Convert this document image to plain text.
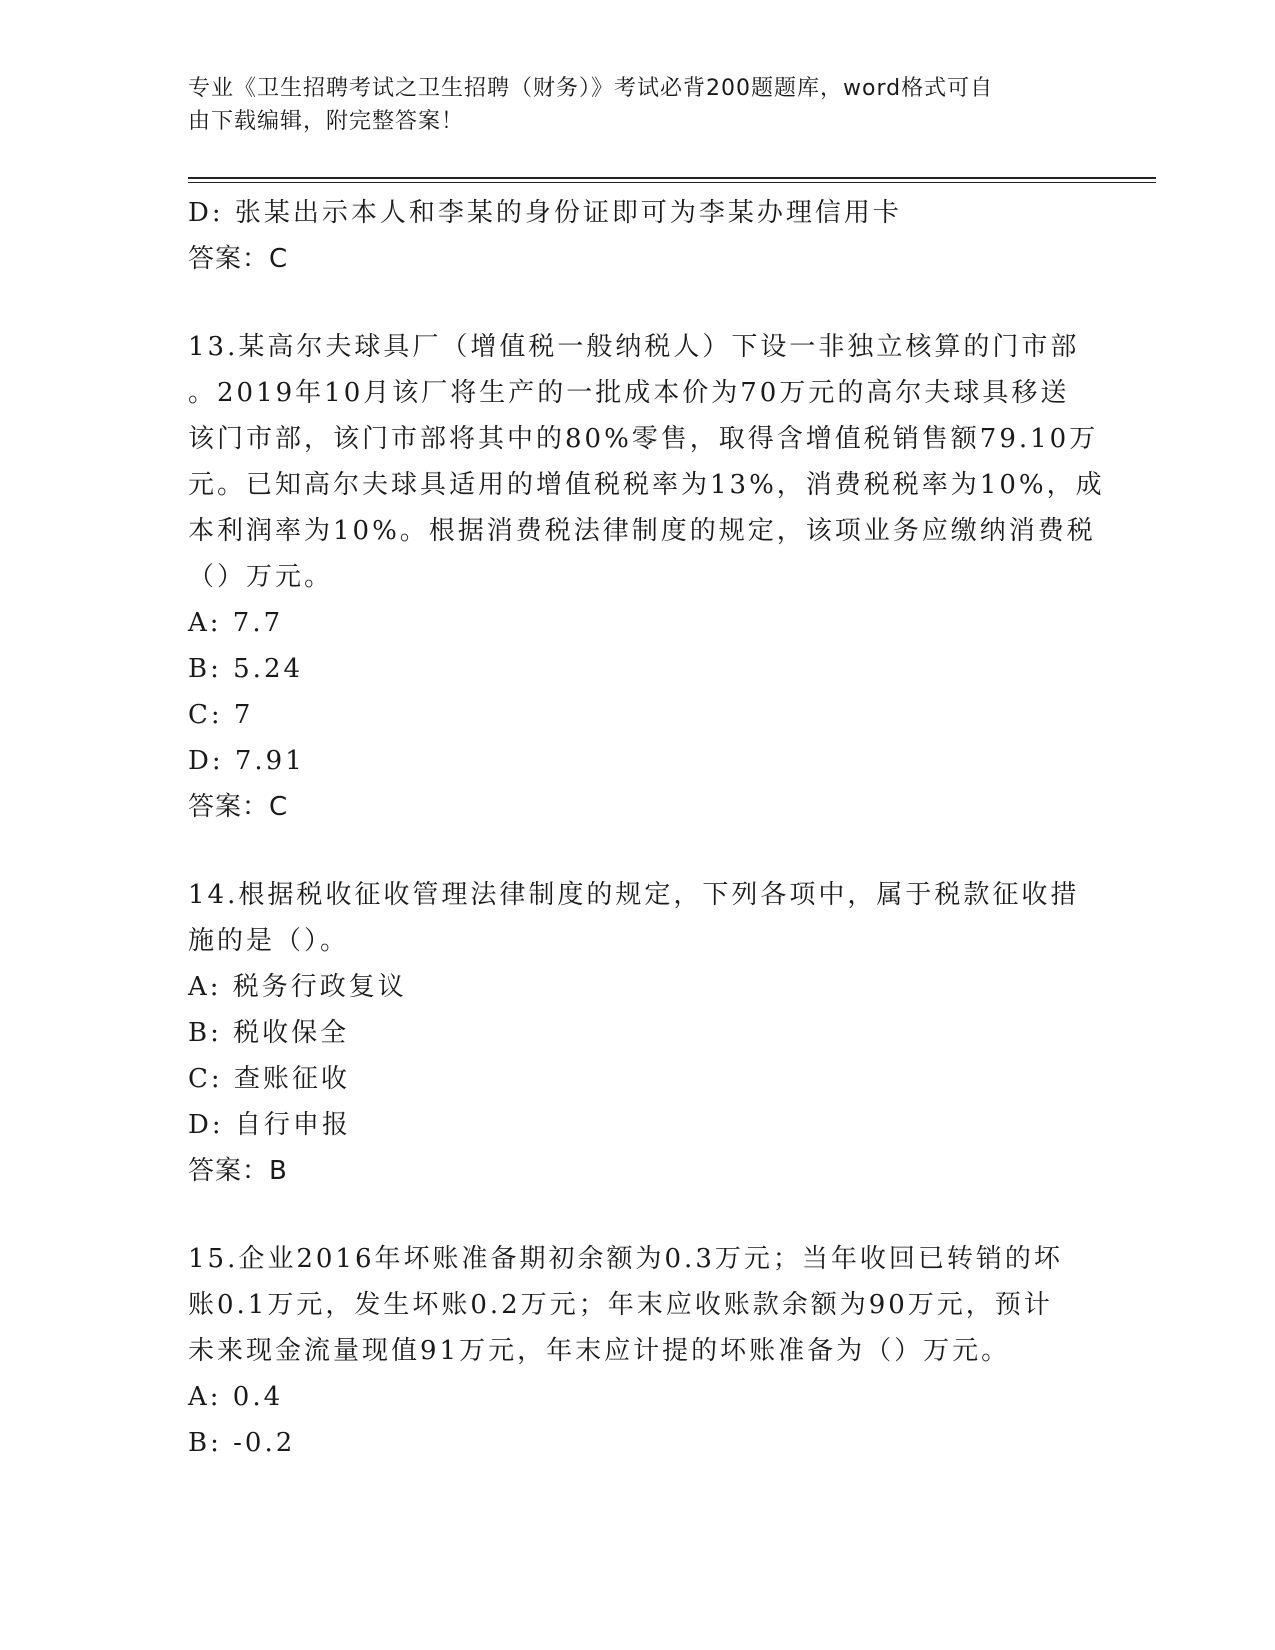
专业《卫生招聘考试之卫生招聘（财务）》考试必背200题题库，word格式可自
由下载编辑，附完整答案！
D: 张某出示本人和李某的身份证即可为李某办理信用卡
答案：C
13.某高尔夫球具厂（增值税一般纳税人）下设一非独立核算的门市部
。2019年10月该厂将生产的一批成本价为70万元的高尔夫球具移送
该门市部，该门市部将其中的80%零售，取得含增值税销售额79.10万
元。已知高尔夫球具适用的增值税税率为13%，消费税税率为10%，成
本利润率为10%。根据消费税法律制度的规定，该项业务应缴纳消费税
（）万元。
A: 7.7
B: 5.24
C: 7
D: 7.91
答案：C
14.根据税收征收管理法律制度的规定，下列各项中，属于税款征收措
施的是（）。
A: 税务行政复议
B: 税收保全
C: 查账征收
D: 自行申报
答案：B
15.企业2016年坏账准备期初余额为0.3万元；当年收回已转销的坏
账0.1万元，发生坏账0.2万元；年末应收账款余额为90万元，预计
未来现金流量现值91万元，年末应计提的坏账准备为（）万元。
A: 0.4
B: -0.2
